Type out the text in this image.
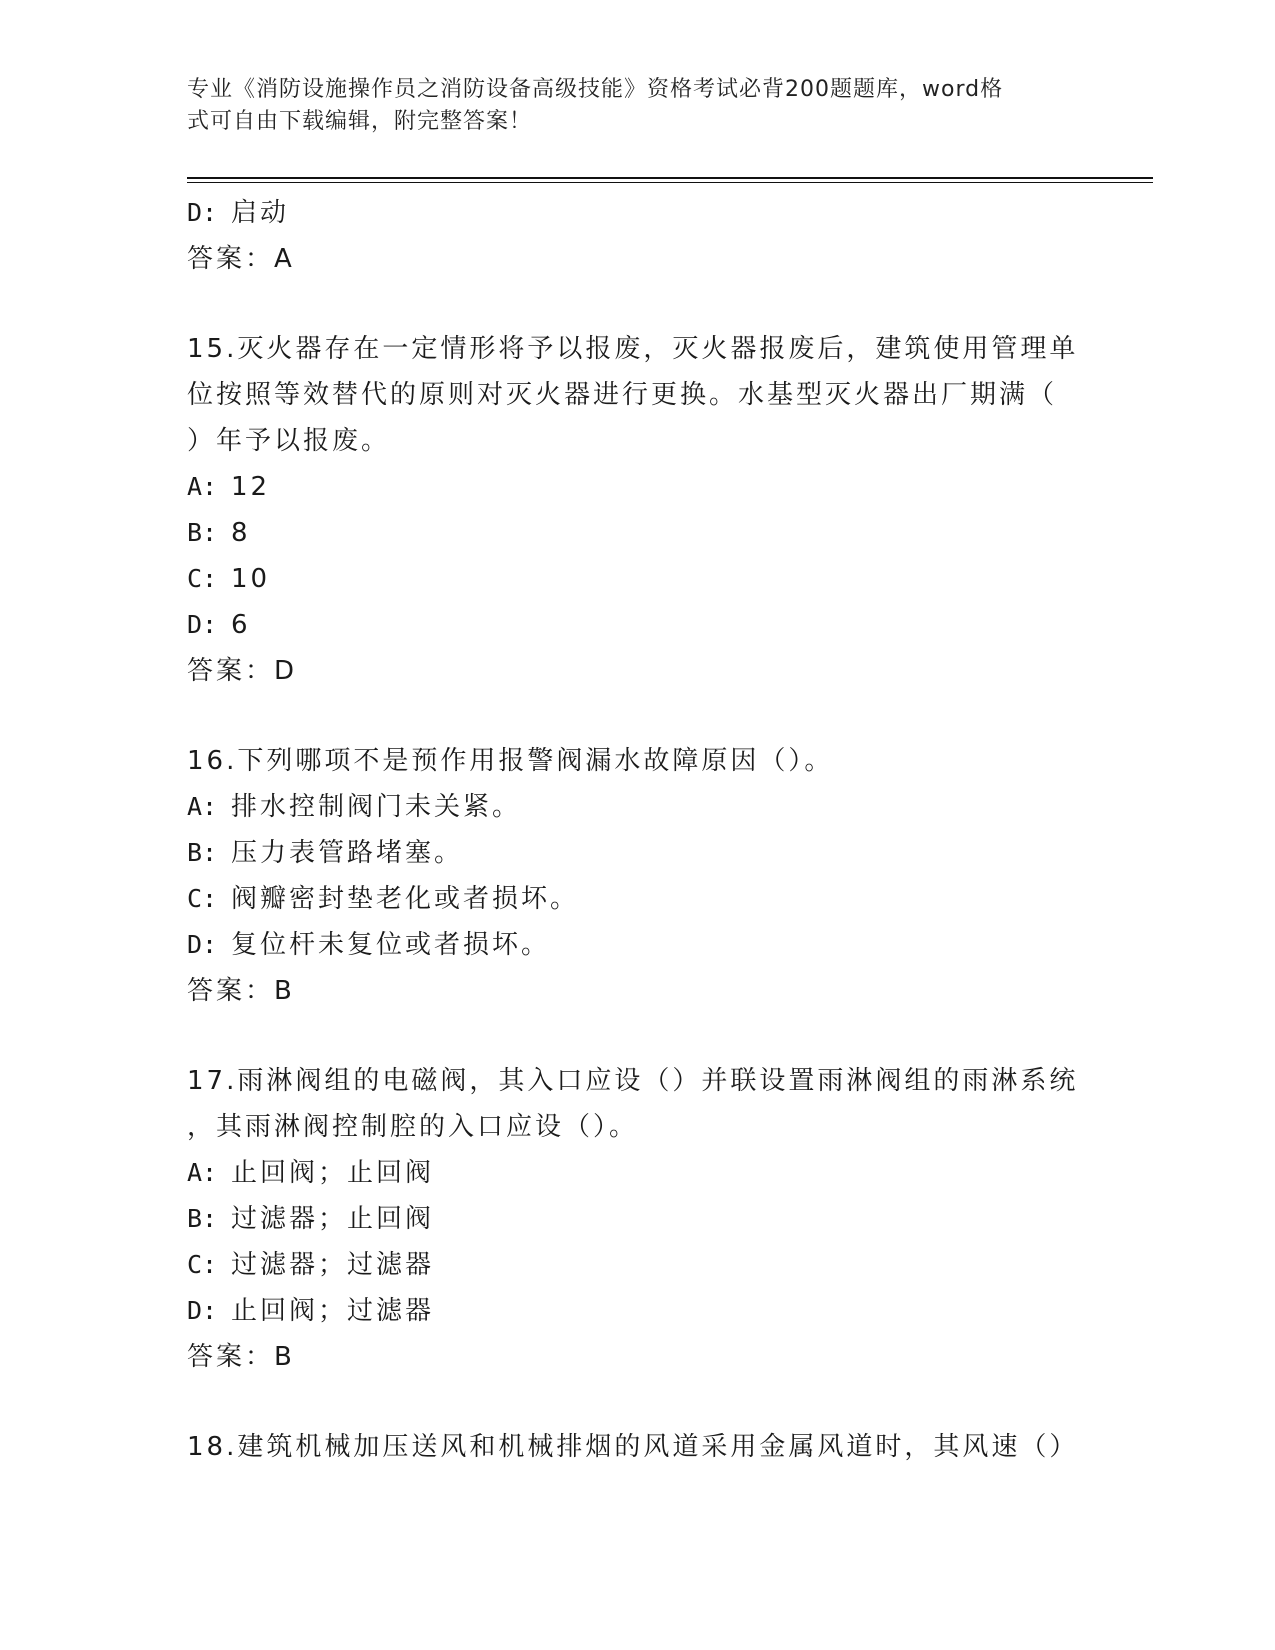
专业《消防设施操作员之消防设备高级技能》资格考试必背200题题库，word格
式可自由下载编辑，附完整答案！
D: 启动
答案：A
15.灭火器存在一定情形将予以报废，灭火器报废后，建筑使用管理单
位按照等效替代的原则对灭火器进行更换。水基型灭火器出厂期满（
）年予以报废。
A: 12
B: 8
C: 10
D: 6
答案：D
16.下列哪项不是预作用报警阀漏水故障原因（）。
A: 排水控制阀门未关紧。
B: 压力表管路堵塞。
C: 阀瓣密封垫老化或者损坏。
D: 复位杆未复位或者损坏。
答案：B
17.雨淋阀组的电磁阀，其入口应设（）并联设置雨淋阀组的雨淋系统
，其雨淋阀控制腔的入口应设（）。
A: 止回阀；止回阀
B: 过滤器；止回阀
C: 过滤器；过滤器
D: 止回阀；过滤器
答案：B
18.建筑机械加压送风和机械排烟的风道采用金属风道时，其风速（）
